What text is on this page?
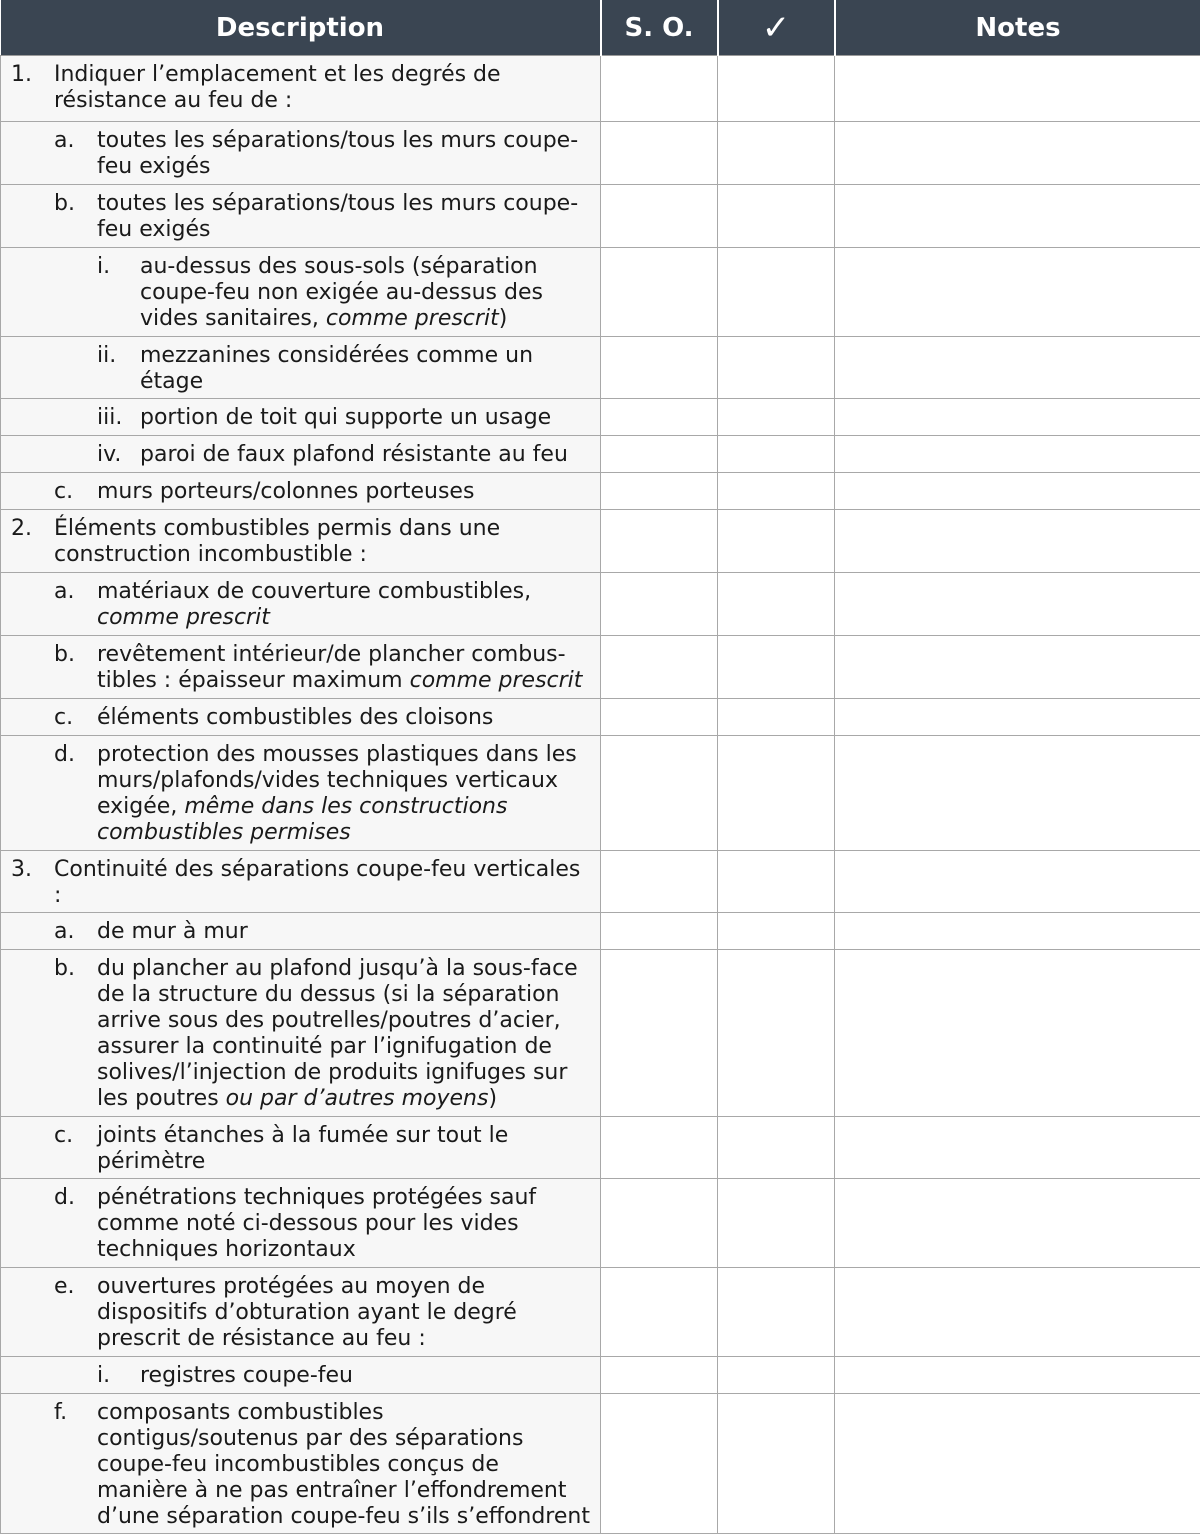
Description	S. O.	✓	Notes

1. Indiquer l’emplacement et les degrés de résistance au feu de :			

a. toutes les séparations/tous les murs coupe-feu exigés			

b. toutes les séparations/tous les murs coupe-feu exigés			

i. au-dessus des sous-sols (séparation coupe-feu non exigée au-dessus des vides sanitaires, comme prescrit)			

ii. mezzanines considérées comme un étage			

iii. portion de toit qui supporte un usage			

iv. paroi de faux plafond résistante au feu			

c. murs porteurs/colonnes porteuses			

2. Éléments combustibles permis dans une construction incombustible :			

a. matériaux de couverture combustibles, comme prescrit			

b. revêtement intérieur/de plancher combus-tibles : épaisseur maximum comme prescrit			

c. éléments combustibles des cloisons			

d. protection des mousses plastiques dans les murs/plafonds/vides techniques verticaux exigée, même dans les constructions combustibles permises			

3. Continuité des séparations coupe-feu verticales :			

a. de mur à mur			

b. du plancher au plafond jusqu’à la sous-face de la structure du dessus (si la séparation arrive sous des poutrelles/poutres d’acier, assurer la continuité par l’ignifugation de solives/l’injection de produits ignifuges sur les poutres ou par d’autres moyens)			

c. joints étanches à la fumée sur tout le périmètre			

d. pénétrations techniques protégées sauf comme noté ci-dessous pour les vides techniques horizontaux			

e. ouvertures protégées au moyen de dispositifs d’obturation ayant le degré prescrit de résistance au feu :			

i. registres coupe-feu			

f. composants combustibles contigus/soutenus par des séparations coupe-feu incombustibles conçus de manière à ne pas entraîner l’effondrement d’une séparation coupe-feu s’ils s’effondrent			
